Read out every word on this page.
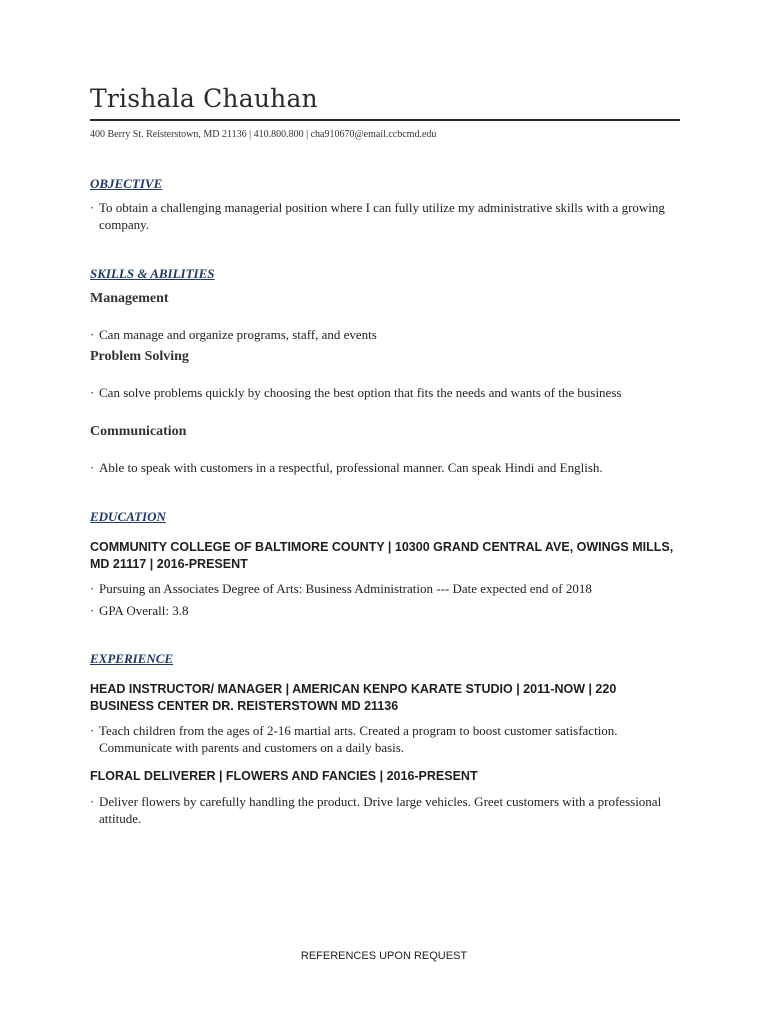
Trishala Chauhan
400 Berry St. Reisterstown, MD 21136 | 410.800.800 | cha910670@email.ccbcmd.edu
OBJECTIVE
· To obtain a challenging managerial position where I can fully utilize my administrative skills with a growing company.
SKILLS & ABILITIES
Management
· Can manage and organize programs, staff, and events
Problem Solving
· Can solve problems quickly by choosing the best option that fits the needs and wants of the business
Communication
· Able to speak with customers in a respectful, professional manner. Can speak Hindi and English.
EDUCATION
COMMUNITY COLLEGE OF BALTIMORE COUNTY | 10300 GRAND CENTRAL AVE, OWINGS MILLS, MD 21117 | 2016-PRESENT
· Pursuing an Associates Degree of Arts: Business Administration --- Date expected end of 2018
· GPA Overall: 3.8
EXPERIENCE
HEAD INSTRUCTOR/ MANAGER | AMERICAN KENPO KARATE STUDIO | 2011-NOW | 220 BUSINESS CENTER DR. REISTERSTOWN MD 21136
· Teach children from the ages of 2-16 martial arts. Created a program to boost customer satisfaction. Communicate with parents and customers on a daily basis.
FLORAL DELIVERER | FLOWERS AND FANCIES | 2016-PRESENT
· Deliver flowers by carefully handling the product. Drive large vehicles. Greet customers with a professional attitude.
REFERENCES UPON REQUEST
